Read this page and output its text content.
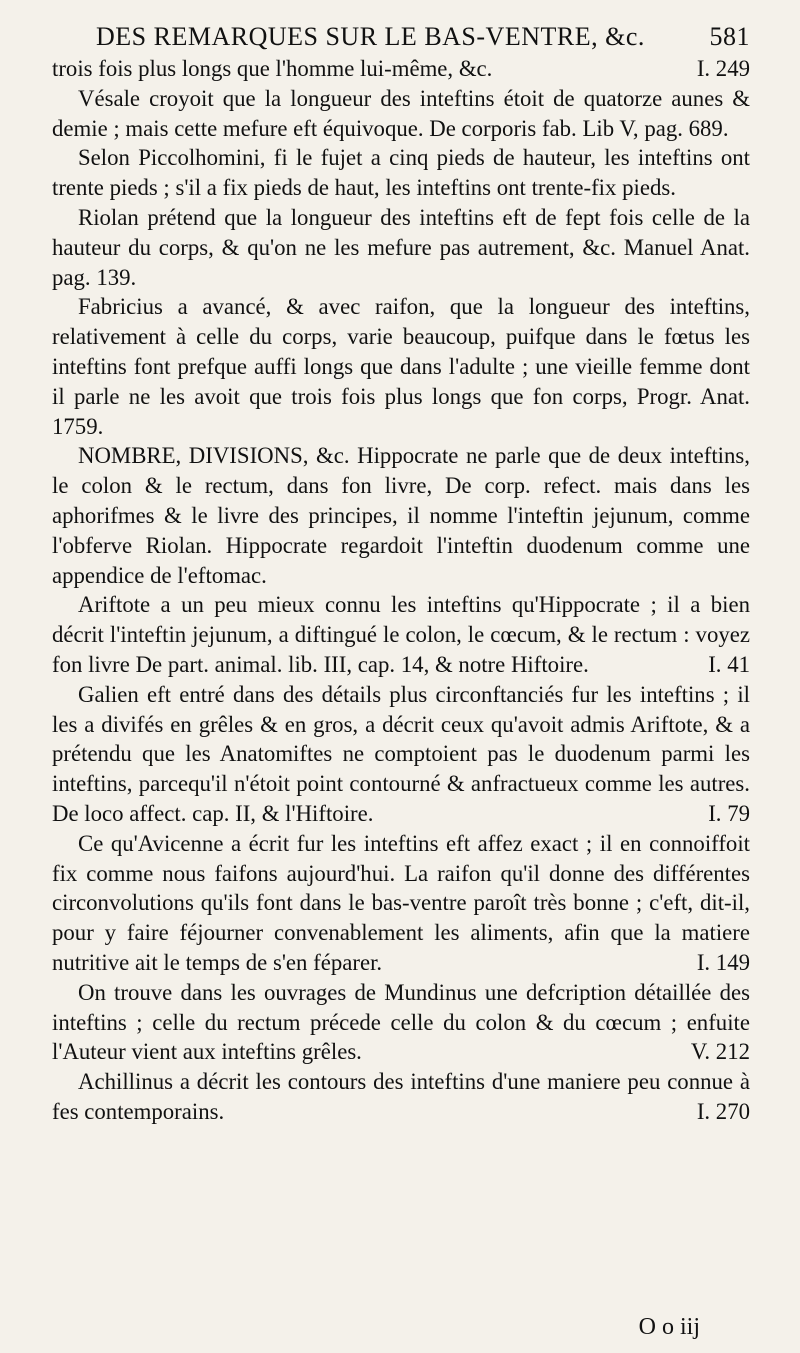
DES REMARQUES SUR LE BAS-VENTRE, &c. 581

trois fois plus longs que l'homme lui-même, &c.	I. 249

Vésale croyoit que la longueur des inteftins étoit de quatorze aunes & demie ; mais cette mefure eft équivoque. De corporis fab. Lib V, pag. 689.

Selon Piccolhomini, fi le fujet a cinq pieds de hauteur, les inteftins ont trente pieds ; s'il a fix pieds de haut, les inteftins ont trente-fix pieds.

Riolan prétend que la longueur des inteftins eft de fept fois celle de la hauteur du corps, & qu'on ne les mefure pas autrement, &c. Manuel Anat. pag. 139.

Fabricius a avancé, & avec raifon, que la longueur des inteftins, relativement à celle du corps, varie beaucoup, puifque dans le fœtus les inteftins font prefque auffi longs que dans l'adulte ; une vieille femme dont il parle ne les avoit que trois fois plus longs que fon corps, Progr. Anat. 1759.

NOMBRE, DIVISIONS, &c. Hippocrate ne parle que de deux inteftins, le colon & le rectum, dans fon livre, De corp. refect. mais dans les aphorifmes & le livre des principes, il nomme l'inteftin jejunum, comme l'obferve Riolan. Hippocrate regardoit l'inteftin duodenum comme une appendice de l'eftomac.

Ariftote a un peu mieux connu les inteftins qu'Hippocrate ; il a bien décrit l'inteftin jejunum, a diftingué le colon, le cœcum, & le rectum : voyez fon livre De part. animal. lib. III, cap. 14, & notre Hiftoire.	I. 41

Galien eft entré dans des détails plus circonftanciés fur les inteftins ; il les a divifés en grêles & en gros, a décrit ceux qu'avoit admis Ariftote, & a prétendu que les Anatomiftes ne comptoient pas le duodenum parmi les inteftins, parcequ'il n'étoit point contourné & anfractueux comme les autres. De loco affect. cap. II, & l'Hiftoire.	I. 79

Ce qu'Avicenne a écrit fur les inteftins eft affez exact ; il en connoiffoit fix comme nous faifons aujourd'hui. La raifon qu'il donne des différentes circonvolutions qu'ils font dans le bas-ventre paroît très bonne ; c'eft, dit-il, pour y faire féjourner convenablement les aliments, afin que la matiere nutritive ait le temps de s'en féparer.	I. 149

On trouve dans les ouvrages de Mundinus une defcription détaillée des inteftins ; celle du rectum précede celle du colon & du cœcum ; enfuite l'Auteur vient aux inteftins grêles.	V. 212

Achillinus a décrit les contours des inteftins d'une maniere peu connue à fes contemporains.	I. 270

O o iij
